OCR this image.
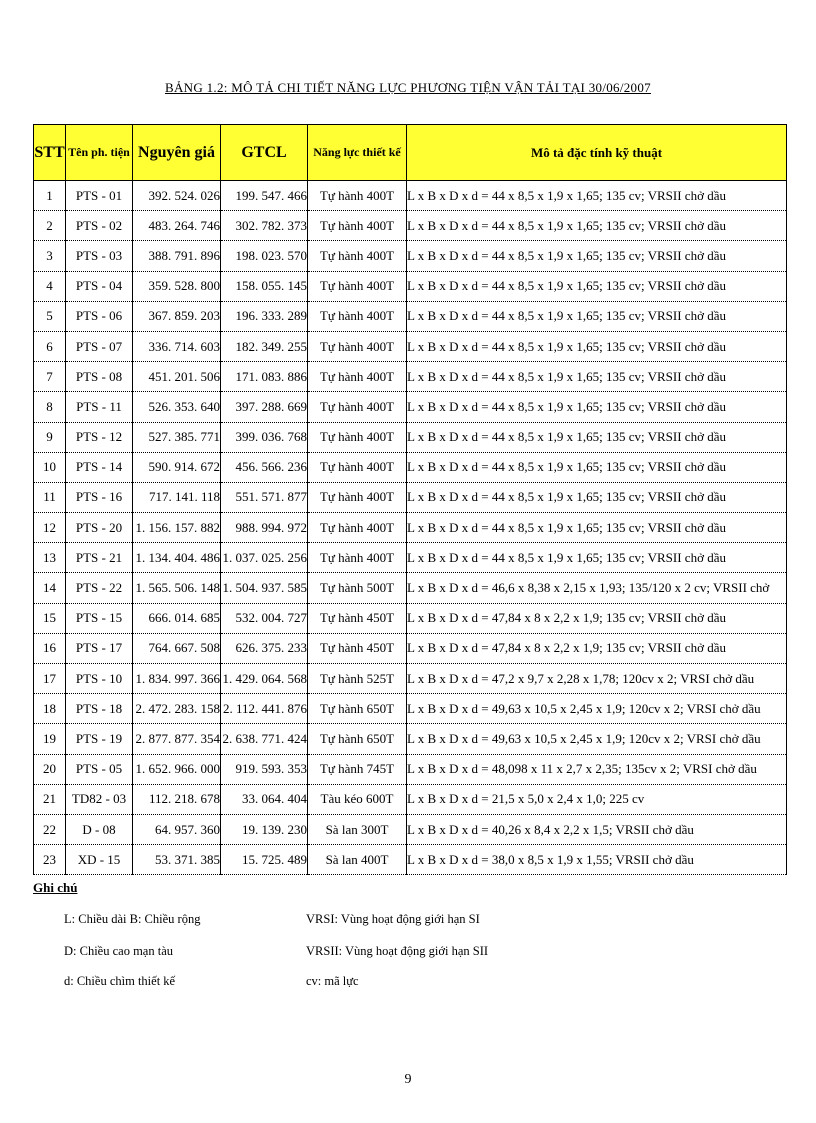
BẢNG 1.2: MÔ TẢ CHI TIẾT NĂNG LỰC PHƯƠNG TIỆN VẬN TẢI TẠI 30/06/2007
STT	Tên ph. tiện	Nguyên giá	GTCL	Năng lực thiết kế	Mô tả đặc tính kỹ thuật
1	PTS - 01	392. 524. 026	199. 547. 466	Tự hành 400T	L x B x D x d = 44 x 8,5 x 1,9 x 1,65; 135 cv; VRSII chở dầu
2	PTS - 02	483. 264. 746	302. 782. 373	Tự hành 400T	L x B x D x d = 44 x 8,5 x 1,9 x 1,65; 135 cv; VRSII chở dầu
3	PTS - 03	388. 791. 896	198. 023. 570	Tự hành 400T	L x B x D x d = 44 x 8,5 x 1,9 x 1,65; 135 cv; VRSII chở dầu
4	PTS - 04	359. 528. 800	158. 055. 145	Tự hành 400T	L x B x D x d = 44 x 8,5 x 1,9 x 1,65; 135 cv; VRSII chở dầu
5	PTS - 06	367. 859. 203	196. 333. 289	Tự hành 400T	L x B x D x d = 44 x 8,5 x 1,9 x 1,65; 135 cv; VRSII chở dầu
6	PTS - 07	336. 714. 603	182. 349. 255	Tự hành 400T	L x B x D x d = 44 x 8,5 x 1,9 x 1,65; 135 cv; VRSII chở dầu
7	PTS - 08	451. 201. 506	171. 083. 886	Tự hành 400T	L x B x D x d = 44 x 8,5 x 1,9 x 1,65; 135 cv; VRSII chở dầu
8	PTS - 11	526. 353. 640	397. 288. 669	Tự hành 400T	L x B x D x d = 44 x 8,5 x 1,9 x 1,65; 135 cv; VRSII chở dầu
9	PTS - 12	527. 385. 771	399. 036. 768	Tự hành 400T	L x B x D x d = 44 x 8,5 x 1,9 x 1,65; 135 cv; VRSII chở dầu
10	PTS - 14	590. 914. 672	456. 566. 236	Tự hành 400T	L x B x D x d = 44 x 8,5 x 1,9 x 1,65; 135 cv; VRSII chở dầu
11	PTS - 16	717. 141. 118	551. 571. 877	Tự hành 400T	L x B x D x d = 44 x 8,5 x 1,9 x 1,65; 135 cv; VRSII chở dầu
12	PTS - 20	1. 156. 157. 882	988. 994. 972	Tự hành 400T	L x B x D x d = 44 x 8,5 x 1,9 x 1,65; 135 cv; VRSII chở dầu
13	PTS - 21	1. 134. 404. 486	1. 037. 025. 256	Tự hành 400T	L x B x D x d = 44 x 8,5 x 1,9 x 1,65; 135 cv; VRSII chở dầu
14	PTS - 22	1. 565. 506. 148	1. 504. 937. 585	Tự hành 500T	L x B x D x d = 46,6 x 8,38 x 2,15 x 1,93; 135/120 x 2 cv; VRSII chở
15	PTS - 15	666. 014. 685	532. 004. 727	Tự hành 450T	L x B x D x d = 47,84 x 8 x 2,2 x 1,9; 135 cv; VRSII chở dầu
16	PTS - 17	764. 667. 508	626. 375. 233	Tự hành 450T	L x B x D x d = 47,84 x 8 x 2,2 x 1,9; 135 cv; VRSII chở dầu
17	PTS - 10	1. 834. 997. 366	1. 429. 064. 568	Tự hành 525T	L x B x D x d = 47,2 x 9,7 x 2,28 x 1,78; 120cv x 2; VRSI chở dầu
18	PTS - 18	2. 472. 283. 158	2. 112. 441. 876	Tự hành 650T	L x B x D x d = 49,63 x 10,5 x 2,45 x 1,9; 120cv x 2; VRSI chở dầu
19	PTS - 19	2. 877. 877. 354	2. 638. 771. 424	Tự hành 650T	L x B x D x d = 49,63 x 10,5 x 2,45 x 1,9; 120cv x 2; VRSI chở dầu
20	PTS - 05	1. 652. 966. 000	919. 593. 353	Tự hành 745T	L x B x D x d = 48,098 x 11 x 2,7 x 2,35; 135cv x 2; VRSI chở dầu
21	TD82 - 03	112. 218. 678	33. 064. 404	Tàu kéo 600T	L x B x D x d = 21,5 x 5,0 x 2,4 x 1,0; 225 cv
22	D - 08	64. 957. 360	19. 139. 230	Sà lan 300T	L x B x D x d = 40,26 x 8,4 x 2,2 x 1,5; VRSII chở dầu
23	XD - 15	53. 371. 385	15. 725. 489	Sà lan 400T	L x B x D x d = 38,0 x 8,5 x 1,9 x 1,55; VRSII chở dầu
Ghi chú
L: Chiều dài B: Chiều rộng
D: Chiều cao mạn tàu
d: Chiều chìm thiết kế
VRSI: Vùng hoạt động giới hạn SI
VRSII: Vùng hoạt động giới hạn SII
cv: mã lực
9
